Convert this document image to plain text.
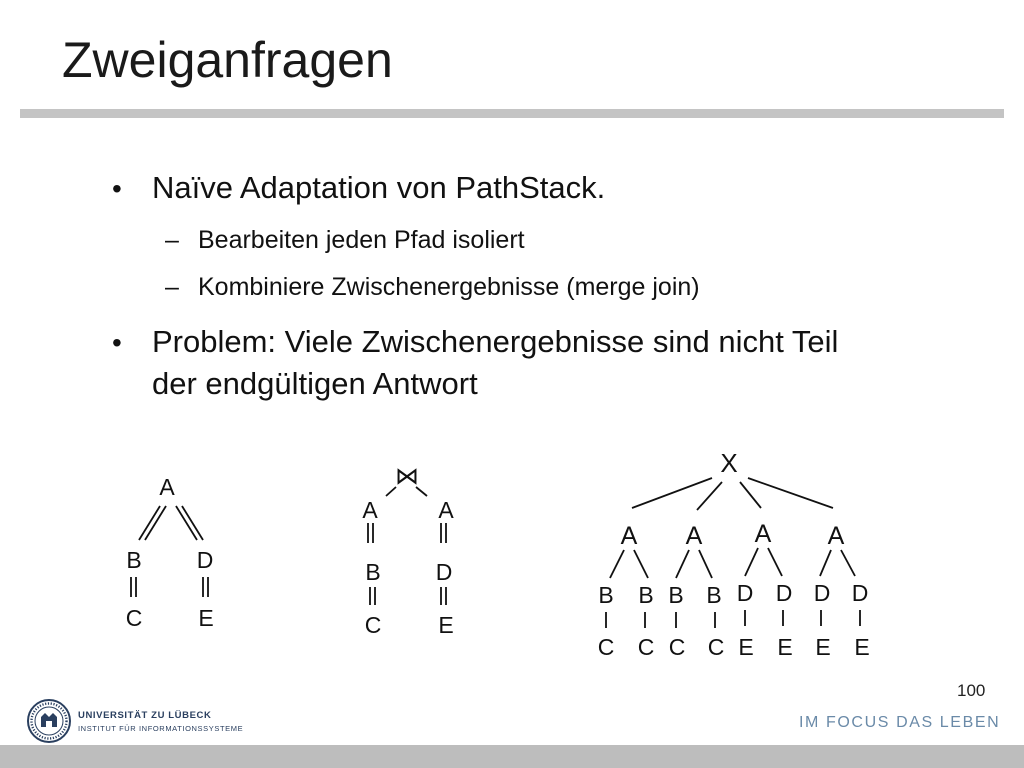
Zweiganfragen
• Naïve Adaptation von PathStack.
– Bearbeiten jeden Pfad isoliert
– Kombiniere Zwischenergebnisse (merge join)
• Problem: Viele Zwischenergebnisse sind nicht Teil
der endgültigen Antwort
A
B D
C E
⋈
A	A
B D
C E
X
A A A A
B B B B D D D D
C C C C E E E E
100
UNIVERSITÄT ZU LÜBECK
INSTITUT FÜR INFORMATIONSSYSTEME	IM FOCUS DAS LEBEN
